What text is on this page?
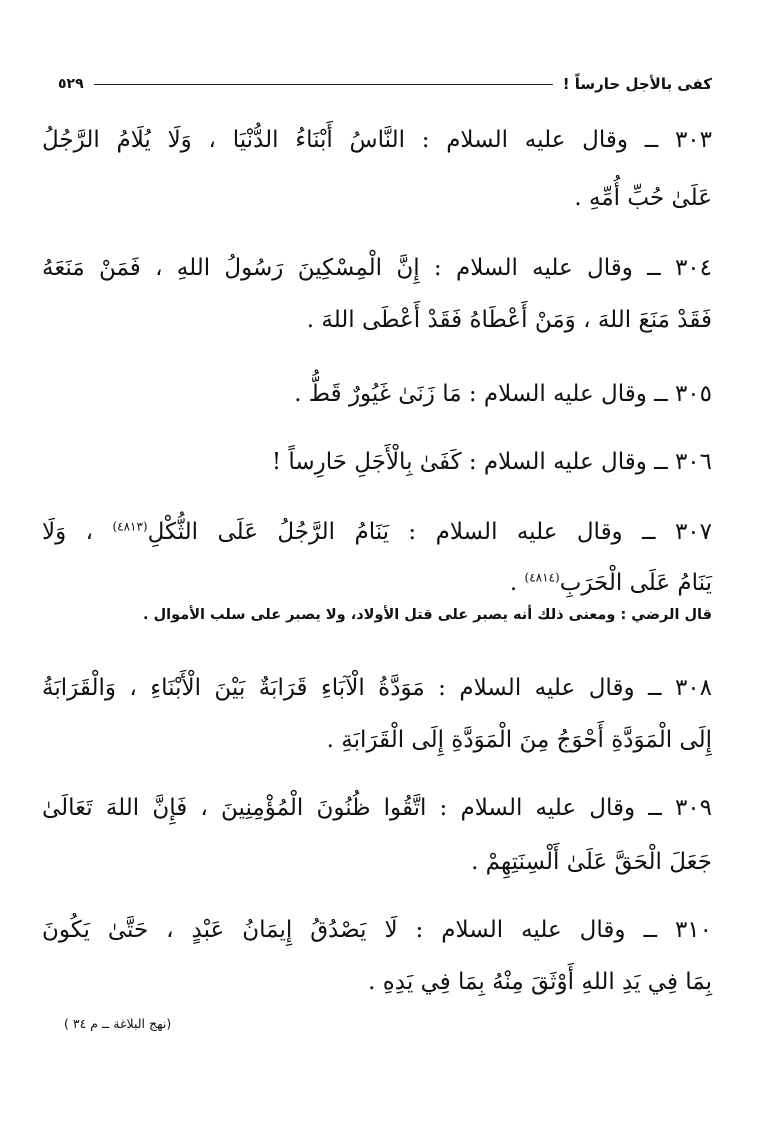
كفى بالأجل حارساً !
٥٢٩
٣٠٣ ــ وقال عليه السلام : النَّاسُ أَبْنَاءُ الدُّنْيَا ، وَلَا يُلَامُ الرَّجُلُ
عَلَىٰ حُبِّ أُمِّهِ .
٣٠٤ ــ وقال عليه السلام : إِنَّ الْمِسْكِينَ رَسُولُ اللهِ ، فَمَنْ مَنَعَهُ
فَقَدْ مَنَعَ اللهَ ، وَمَنْ أَعْطَاهُ فَقَدْ أَعْطَى اللهَ .
٣٠٥ ــ وقال عليه السلام : مَا زَنَىٰ غَيُورٌ قَطُّ .
٣٠٦ ــ وقال عليه السلام : كَفَىٰ بِالْأَجَلِ حَارِساً !
٣٠٧ ــ وقال عليه السلام : يَنَامُ الرَّجُلُ عَلَى الثُّكْلِ$^{(٤٨١٣)}$ ، وَلَا
يَنَامُ عَلَى الْحَرَبِ$^{(٤٨١٤)}$ .
قال الرضي : ومعنى ذلك أنه يصبر على قتل الأولاد، ولا يصبر على سلب الأموال .
٣٠٨ ــ وقال عليه السلام : مَوَدَّةُ الْآبَاءِ قَرَابَةٌ بَيْنَ الْأَبْنَاءِ ، وَالْقَرَابَةُ
إِلَى الْمَوَدَّةِ أَحْوَجُ مِنَ الْمَوَدَّةِ إِلَى الْقَرَابَةِ .
٣٠٩ ــ وقال عليه السلام : اتَّقُوا ظُنُونَ الْمُؤْمِنِينَ ، فَإِنَّ اللهَ تَعَالَىٰ
جَعَلَ الْحَقَّ عَلَىٰ أَلْسِنَتِهِمْ .
٣١٠ ــ وقال عليه السلام : لَا يَصْدُقُ إِيمَانُ عَبْدٍ ، حَتَّىٰ يَكُونَ
بِمَا فِي يَدِ اللهِ أَوْثَقَ مِنْهُ بِمَا فِي يَدِهِ .
(نهج البلاغة ــ م ٣٤ )
